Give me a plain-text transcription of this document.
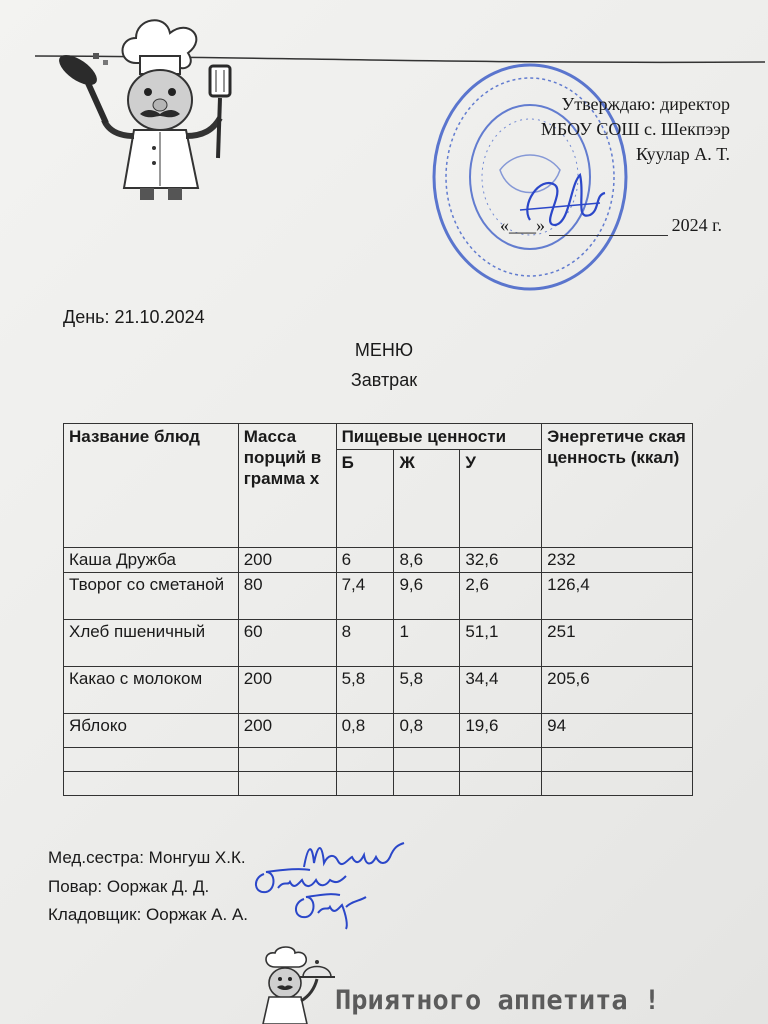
Утверждаю: директор
МБОУ СОШ с. Шекпээр
Куулар А. Т.
«___»	2024 г.
День: 21.10.2024
МЕНЮ
Завтрак
Название блюд	Масса порций в грамма х	Пищевые ценности			Энергетиче ская ценность (ккал)
		Б	Ж	У	
Каша Дружба	200	6	8,6	32,6	232
Творог со сметаной	80	7,4	9,6	2,6	126,4
Хлеб пшеничный	60	8	1	51,1	251
Какао с молоком	200	5,8	5,8	34,4	205,6
Яблоко	200	0,8	0,8	19,6	94

Мед.сестра: Монгуш Х.К.
Повар: Ооржак Д. Д.
Кладовщик: Ооржак А. А.
Приятного аппетита !
